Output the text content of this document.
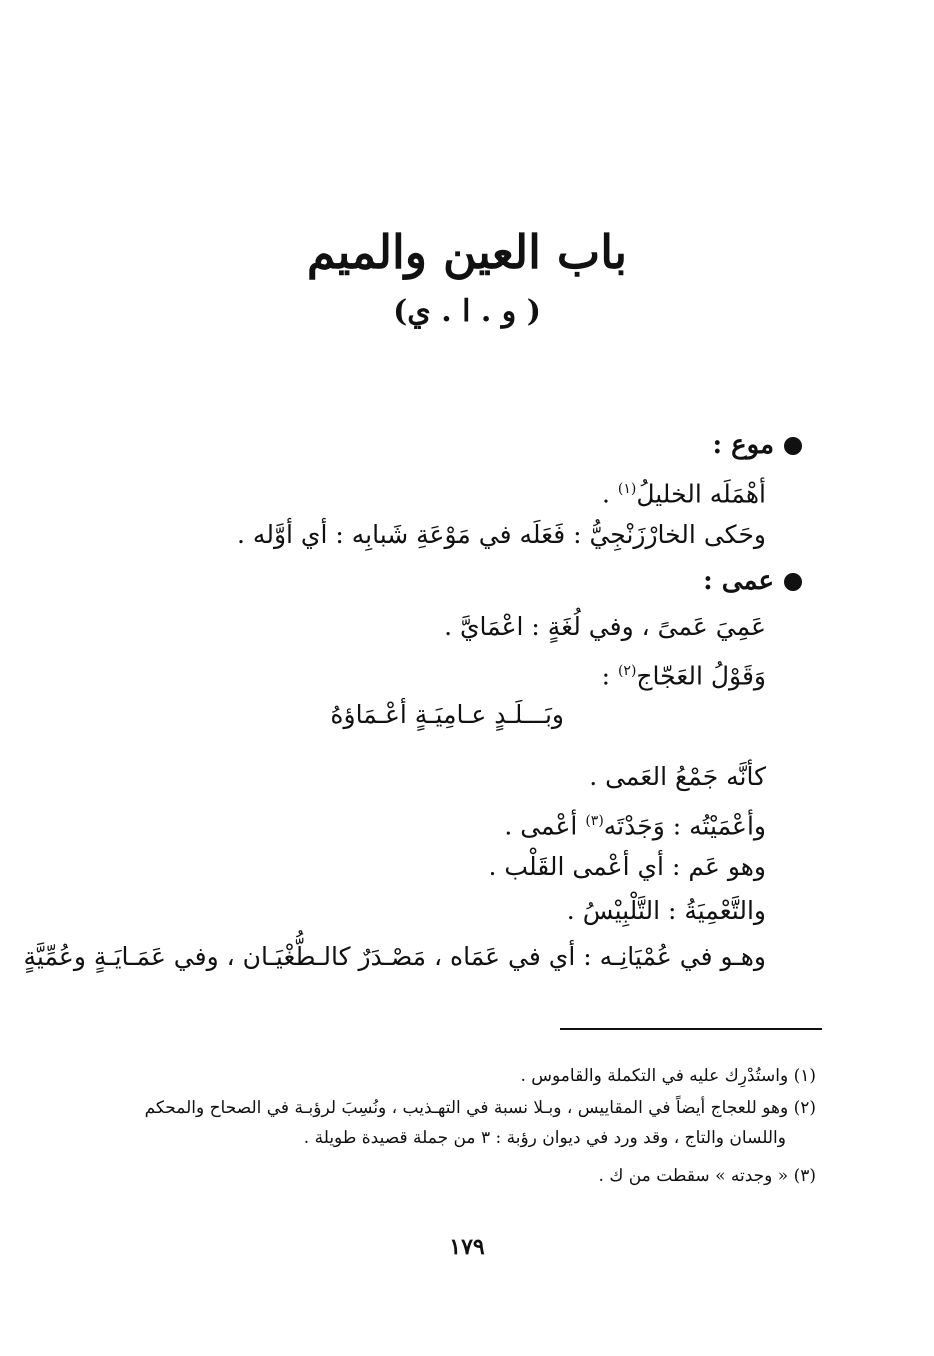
باب العين والميم
( و . ا . ي)
موع :
أهْمَلَه الخليلُ$^{(١)}$ .
وحَكى الخارْزَنْجِيُّ : فَعَلَه في مَوْعَةِ شَبابِه : أي أوَّله .
عمى :
عَمِيَ عَمىً ، وفي لُغَةٍ : اعْمَايَّ .
وَقَوْلُ العَجّاج$^{(٢)}$ :
وبَـــلَـدٍ عـامِيَـةٍ أعْـمَاؤهُ
كأنَّه جَمْعُ العَمى .
وأعْمَيْتُه : وَجَدْتَه$^{(٣)}$ أعْمى .
وهو عَم : أي أعْمى القَلْب .
والتَّعْمِيَةُ : التَّلْبِيْسُ .
وهـو في عُمْيَانِـه : أي في عَمَاه ، مَصْـدَرٌ كالـطُّغْيَـان ، وفي عَمَـايَـةٍ وعُمِّيَّةٍ
(١) واستُدْرِك عليه في التكملة والقاموس .
(٢) وهو للعجاج أيضاً في المقاييس ، وبـلا نسبة في التهـذيب ، ونُسِبَ لرؤبـة في الصحاح والمحكم
واللسان والتاج ، وقد ورد في ديوان رؤبة : ٣ من جملة قصيدة طويلة .
(٣) « وجدته » سقطت من ك .
١٧٩
